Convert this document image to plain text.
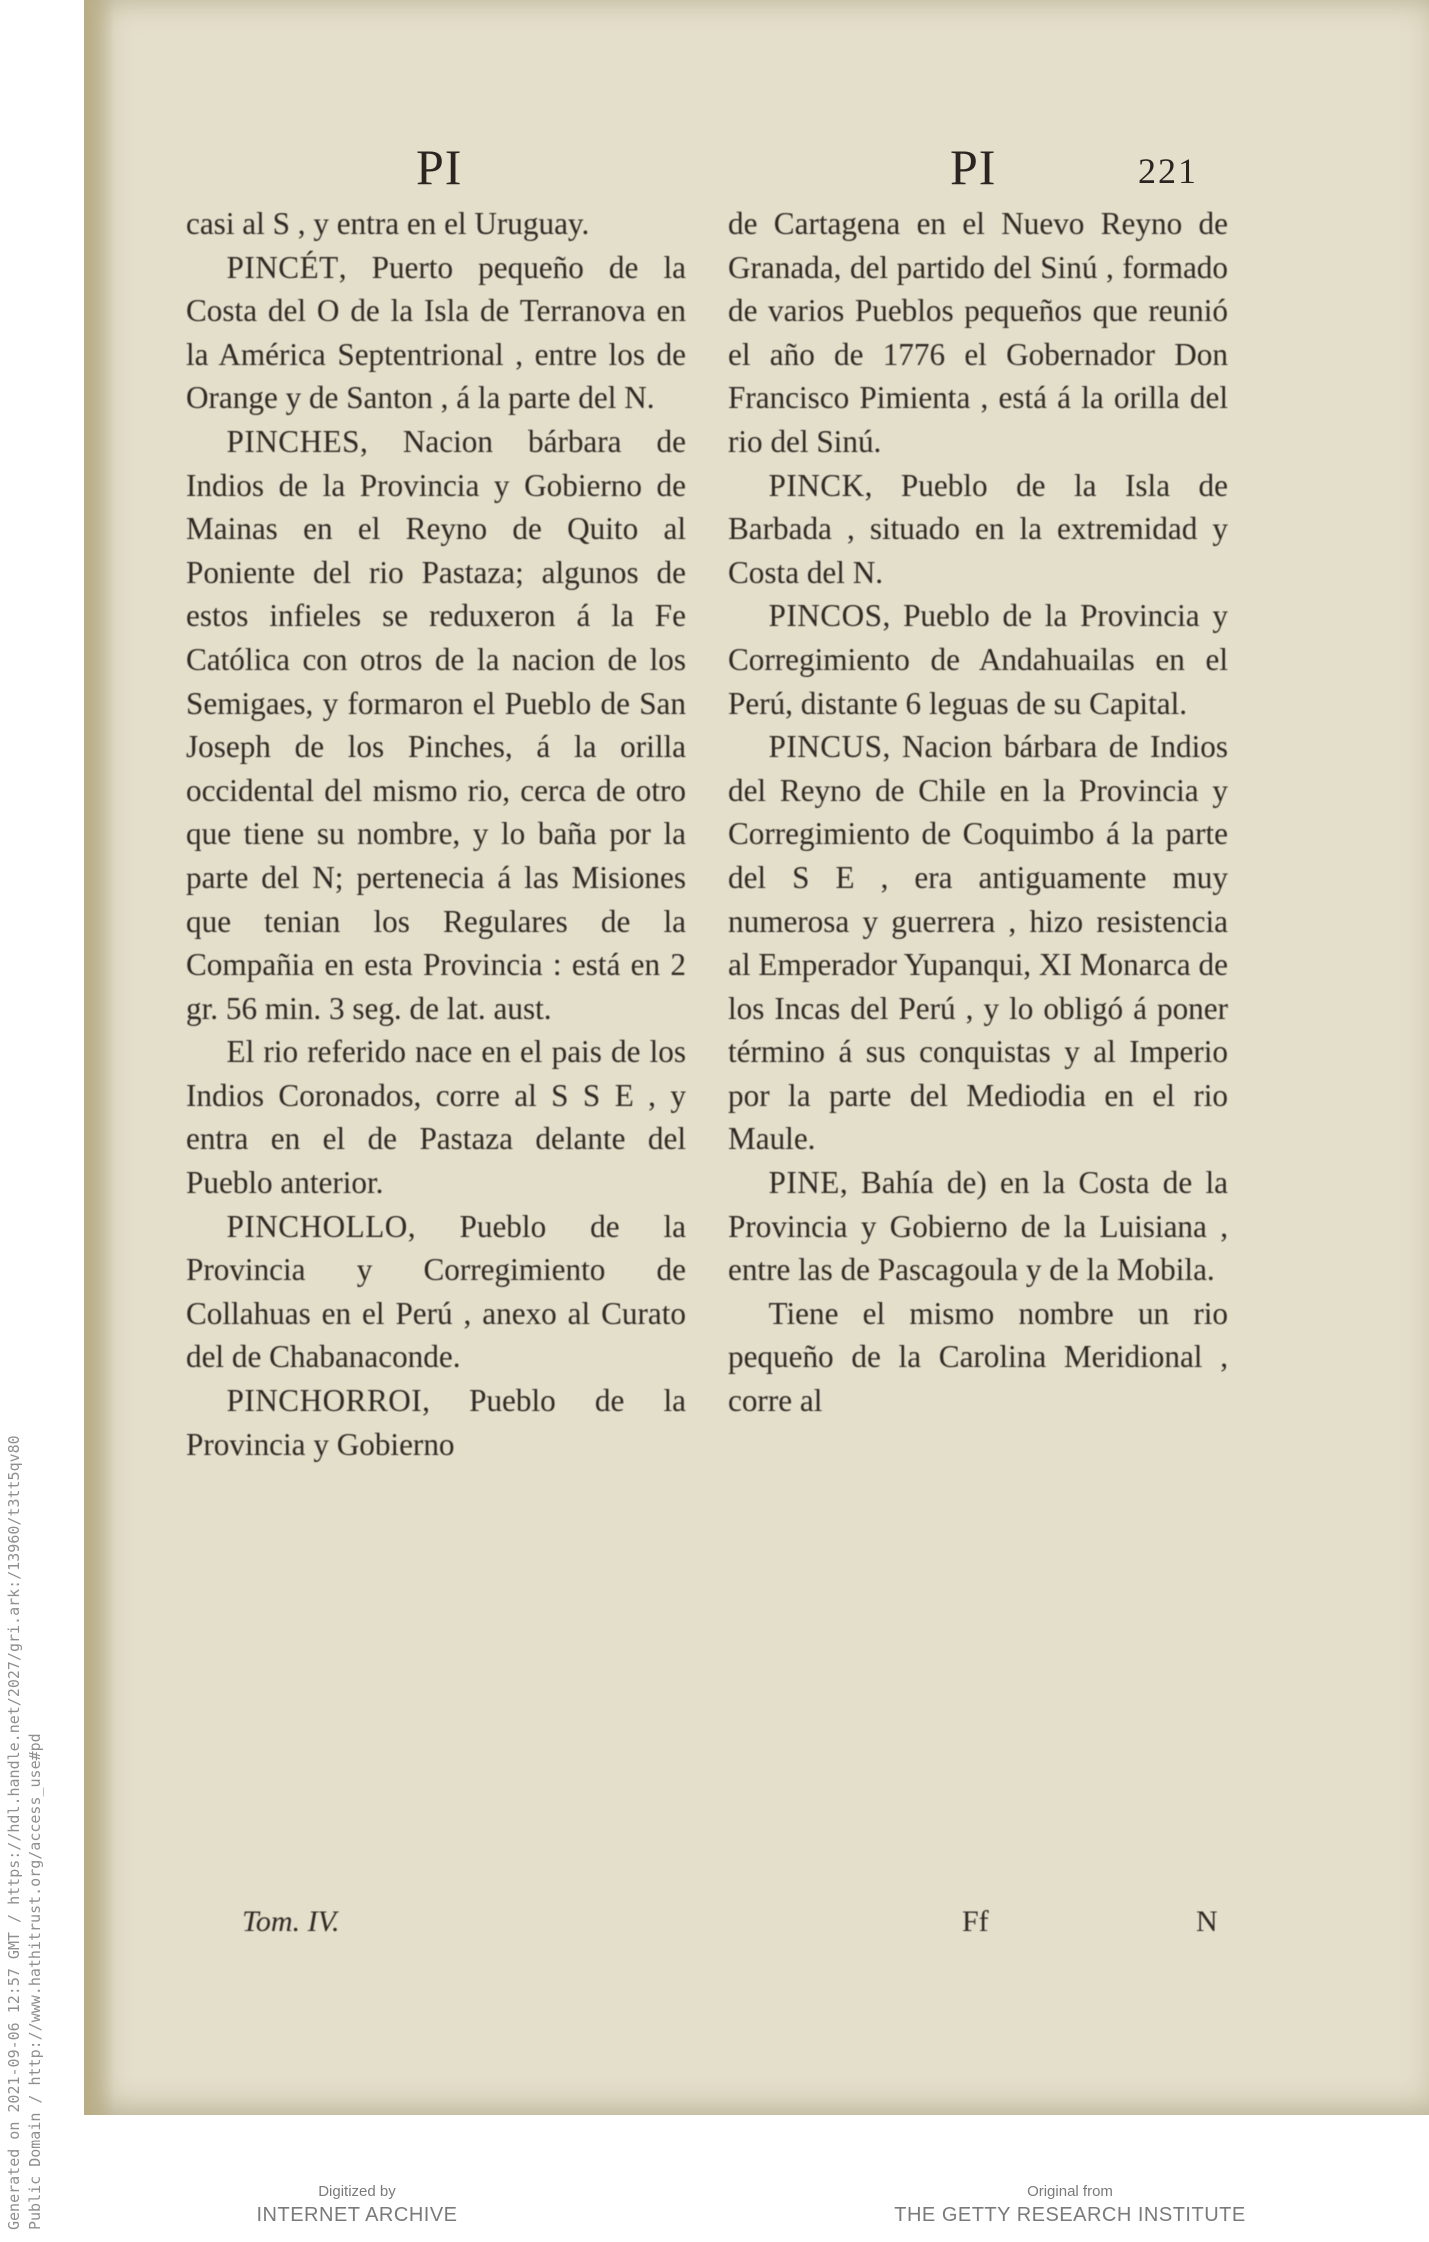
Generated on 2021-09-06 12:57 GMT / https://hdl.handle.net/2027/gri.ark:/13960/t3tt5qv80 Public Domain / http://www.hathitrust.org/access_use#pd
PI	PI	221

casi al S , y entra en el Uruguay.

PINCÉT, Puerto pequeño de la Costa del O de la Isla de Terranova en la América Septentrional , entre los de Orange y de Santon , á la parte del N.

PINCHES, Nacion bárbara de Indios de la Provincia y Gobierno de Mainas en el Reyno de Quito al Poniente del rio Pastaza; algunos de estos infieles se reduxeron á la Fe Católica con otros de la nacion de los Semigaes, y formaron el Pueblo de San Joseph de los Pinches, á la orilla occidental del mismo rio, cerca de otro que tiene su nombre, y lo baña por la parte del N; pertenecia á las Misiones que tenian los Regulares de la Compañia en esta Provincia : está en 2 gr. 56 min. 3 seg. de lat. aust.

El rio referido nace en el pais de los Indios Coronados, corre al S S E , y entra en el de Pastaza delante del Pueblo anterior.

PINCHOLLO, Pueblo de la Provincia y Corregimiento de Collahuas en el Perú , anexo al Curato del de Chabanaconde.

PINCHORROI, Pueblo de la Provincia y Gobierno

de Cartagena en el Nuevo Reyno de Granada, del partido del Sinú , formado de varios Pueblos pequeños que reunió el año de 1776 el Gobernador Don Francisco Pimienta , está á la orilla del rio del Sinú.

PINCK, Pueblo de la Isla de Barbada , situado en la extremidad y Costa del N.

PINCOS, Pueblo de la Provincia y Corregimiento de Andahuailas en el Perú, distante 6 leguas de su Capital.

PINCUS, Nacion bárbara de Indios del Reyno de Chile en la Provincia y Corregimiento de Coquimbo á la parte del S E , era antiguamente muy numerosa y guerrera , hizo resistencia al Emperador Yupanqui, XI Monarca de los Incas del Perú , y lo obligó á poner término á sus conquistas y al Imperio por la parte del Mediodia en el rio Maule.

PINE, Bahía de) en la Costa de la Provincia y Gobierno de la Luisiana , entre las de Pascagoula y de la Mobila.

Tiene el mismo nombre un rio pequeño de la Carolina Meridional , corre al

Tom. IV.	Ff	N
Digitized by
INTERNET ARCHIVE
Original from
THE GETTY RESEARCH INSTITUTE
